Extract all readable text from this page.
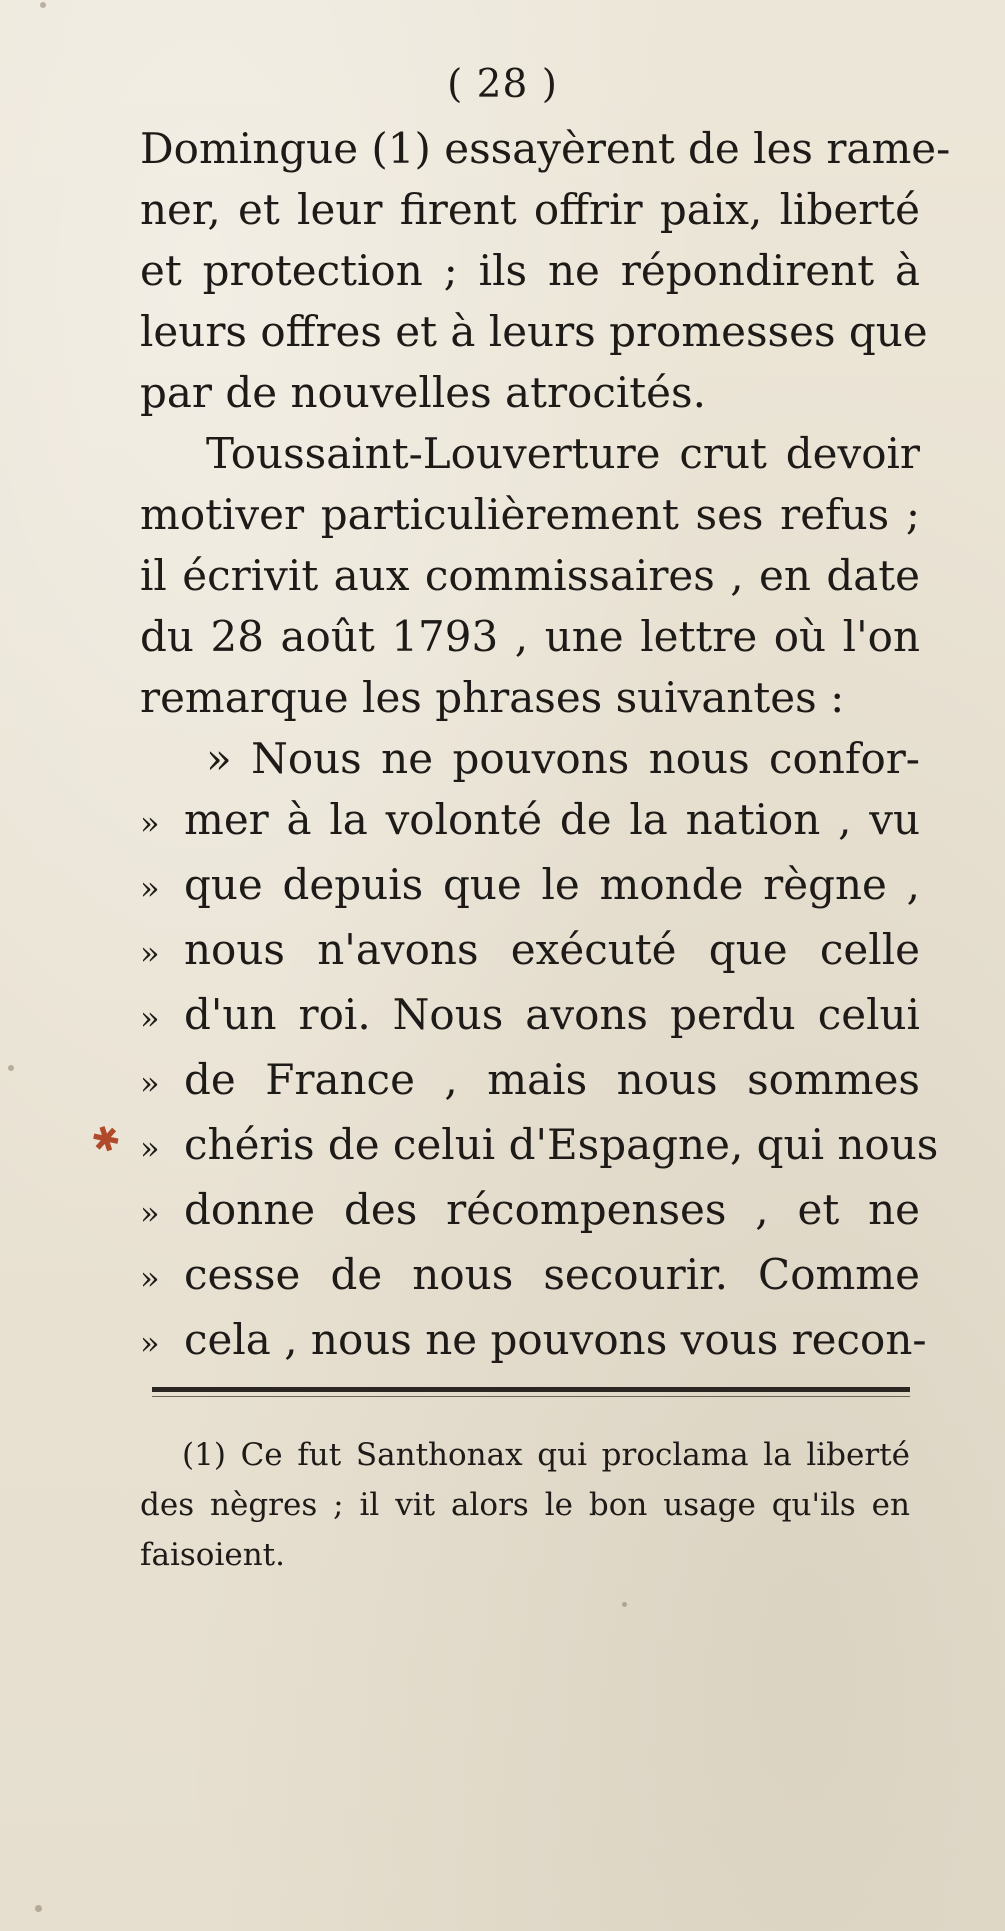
( 28 )
Domingue (1) essayèrent de les rame-
ner, et leur firent offrir paix, liberté
et protection ; ils ne répondirent à
leurs offres et à leurs promesses que
par de nouvelles atrocités.
Toussaint-Louverture crut devoir
motiver particulièrement ses refus ;
il écrivit aux commissaires , en date
du 28 août 1793 , une lettre où l'on
remarque les phrases suivantes :
» Nous ne pouvons nous confor-
» mer à la volonté de la nation , vu
» que depuis que le monde règne ,
» nous n'avons exécuté que celle
» d'un roi. Nous avons perdu celui
» de France , mais nous sommes
» chéris de celui d'Espagne, qui nous
» donne des récompenses , et ne
» cesse de nous secourir. Comme
» cela , nous ne pouvons vous recon-
✱
(1) Ce fut Santhonax qui proclama la liberté
des nègres ; il vit alors le bon usage qu'ils en
faisoient.
